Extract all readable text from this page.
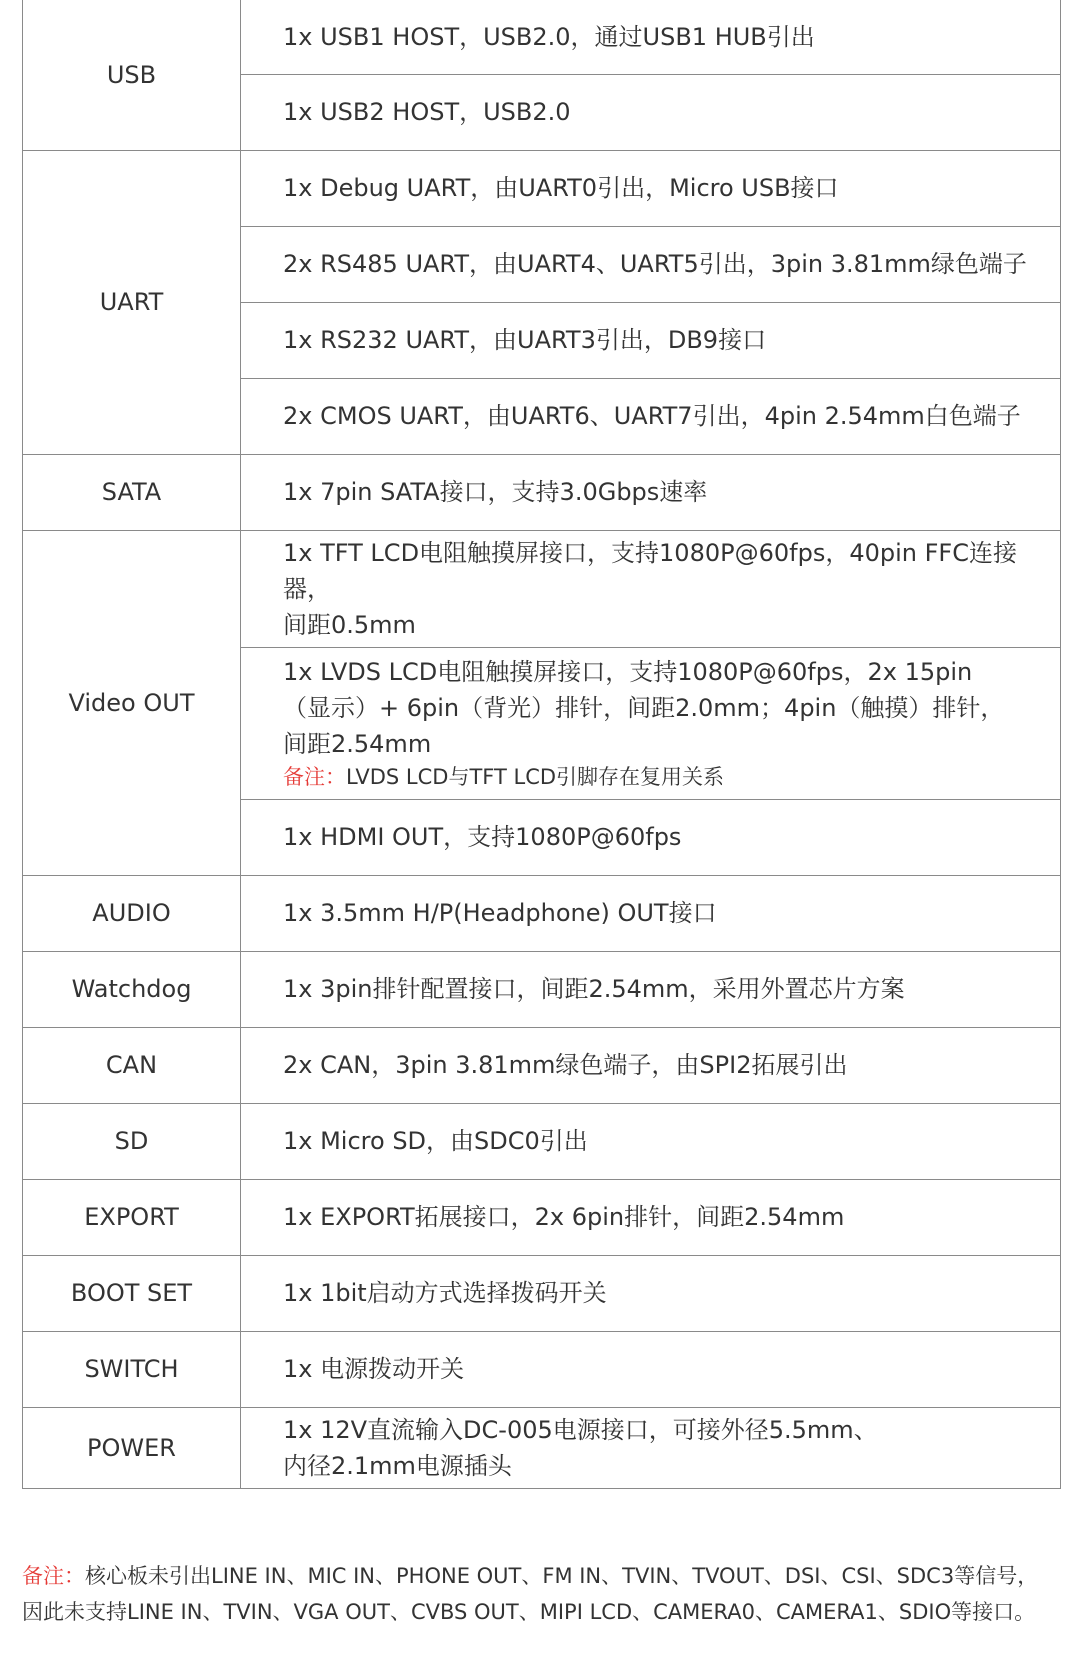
USB	1x USB1 HOST，USB2.0，通过USB1 HUB引出

	1x USB2 HOST，USB2.0

UART	1x Debug UART，由UART0引出，Micro USB接口

	2x RS485 UART，由UART4、UART5引出，3pin 3.81mm绿色端子

	1x RS232 UART，由UART3引出，DB9接口

	2x CMOS UART，由UART6、UART7引出，4pin 2.54mm白色端子

SATA	1x 7pin SATA接口，支持3.0Gbps速率

Video OUT	1x TFT LCD电阻触摸屏接口，支持1080P@60fps，40pin FFC连接器，
间距0.5mm

	1x LVDS LCD电阻触摸屏接口，支持1080P@60fps，2x 15pin
（显示）+ 6pin（背光）排针，间距2.0mm；4pin（触摸）排针，
间距2.54mm
备注：LVDS LCD与TFT LCD引脚存在复用关系

	1x HDMI OUT，支持1080P@60fps

AUDIO	1x 3.5mm H/P(Headphone) OUT接口

Watchdog	1x 3pin排针配置接口，间距2.54mm，采用外置芯片方案

CAN	2x CAN，3pin 3.81mm绿色端子，由SPI2拓展引出

SD	1x Micro SD，由SDC0引出

EXPORT	1x EXPORT拓展接口，2x 6pin排针，间距2.54mm

BOOT SET	1x 1bit启动方式选择拨码开关

SWITCH	1x 电源拨动开关

POWER	1x 12V直流输入DC-005电源接口，可接外径5.5mm、
内径2.1mm电源插头
备注：核心板未引出LINE IN、MIC IN、PHONE OUT、FM IN、TVIN、TVOUT、DSI、CSI、SDC3等信号，
因此未支持LINE IN、TVIN、VGA OUT、CVBS OUT、MIPI LCD、CAMERA0、CAMERA1、SDIO等接口。
